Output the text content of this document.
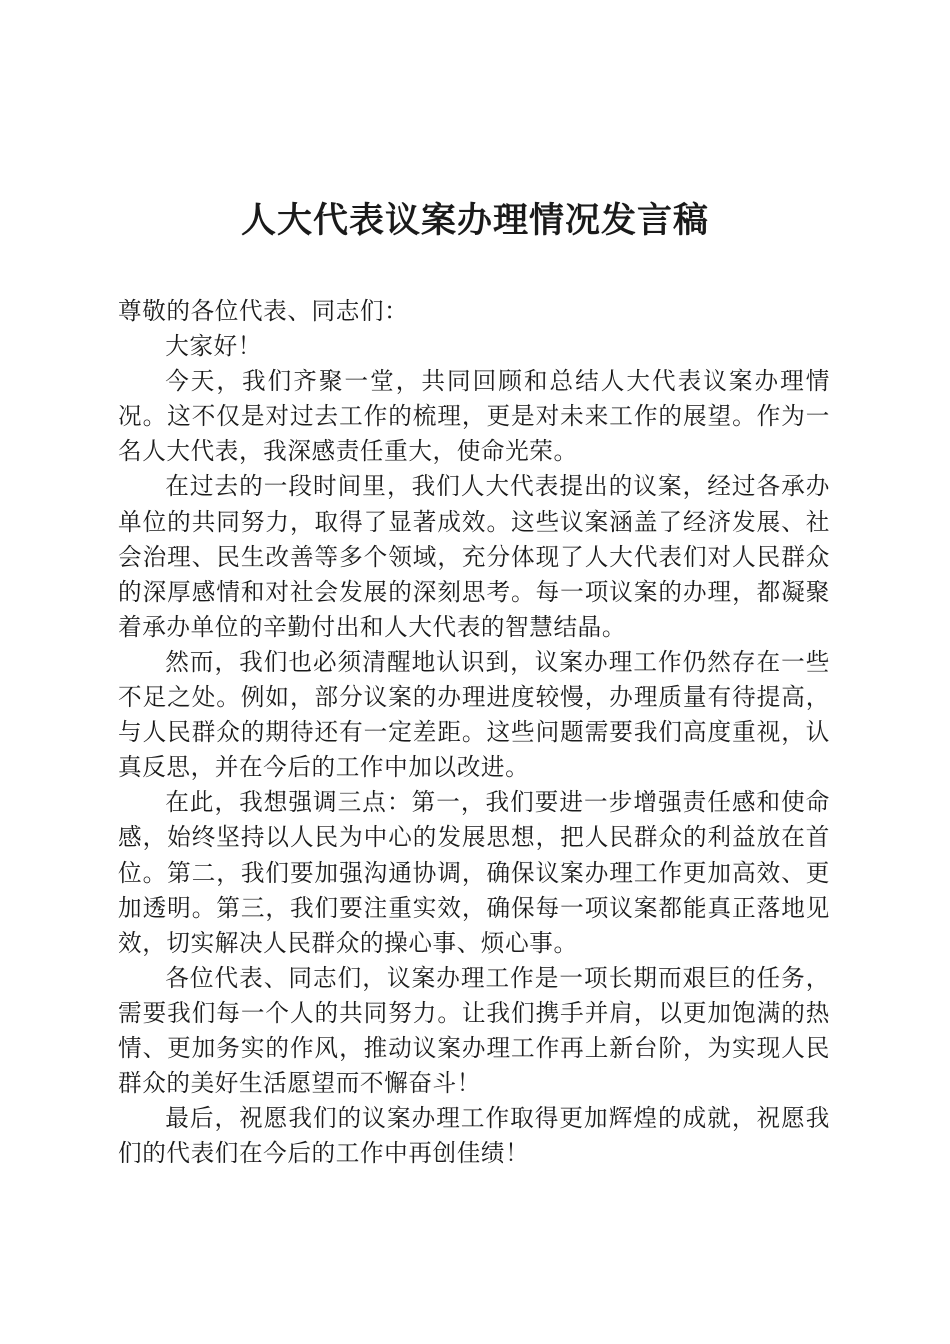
人大代表议案办理情况发言稿

尊敬的各位代表、同志们：

大家好！

今天，我们齐聚一堂，共同回顾和总结人大代表议案办理情况。这不仅是对过去工作的梳理，更是对未来工作的展望。作为一名人大代表，我深感责任重大，使命光荣。

在过去的一段时间里，我们人大代表提出的议案，经过各承办单位的共同努力，取得了显著成效。这些议案涵盖了经济发展、社会治理、民生改善等多个领域，充分体现了人大代表们对人民群众的深厚感情和对社会发展的深刻思考。每一项议案的办理，都凝聚着承办单位的辛勤付出和人大代表的智慧结晶。

然而，我们也必须清醒地认识到，议案办理工作仍然存在一些不足之处。例如，部分议案的办理进度较慢，办理质量有待提高，与人民群众的期待还有一定差距。这些问题需要我们高度重视，认真反思，并在今后的工作中加以改进。

在此，我想强调三点：第一，我们要进一步增强责任感和使命感，始终坚持以人民为中心的发展思想，把人民群众的利益放在首位。第二，我们要加强沟通协调，确保议案办理工作更加高效、更加透明。第三，我们要注重实效，确保每一项议案都能真正落地见效，切实解决人民群众的操心事、烦心事。

各位代表、同志们，议案办理工作是一项长期而艰巨的任务，需要我们每一个人的共同努力。让我们携手并肩，以更加饱满的热情、更加务实的作风，推动议案办理工作再上新台阶，为实现人民群众的美好生活愿望而不懈奋斗！

最后，祝愿我们的议案办理工作取得更加辉煌的成就，祝愿我们的代表们在今后的工作中再创佳绩！
